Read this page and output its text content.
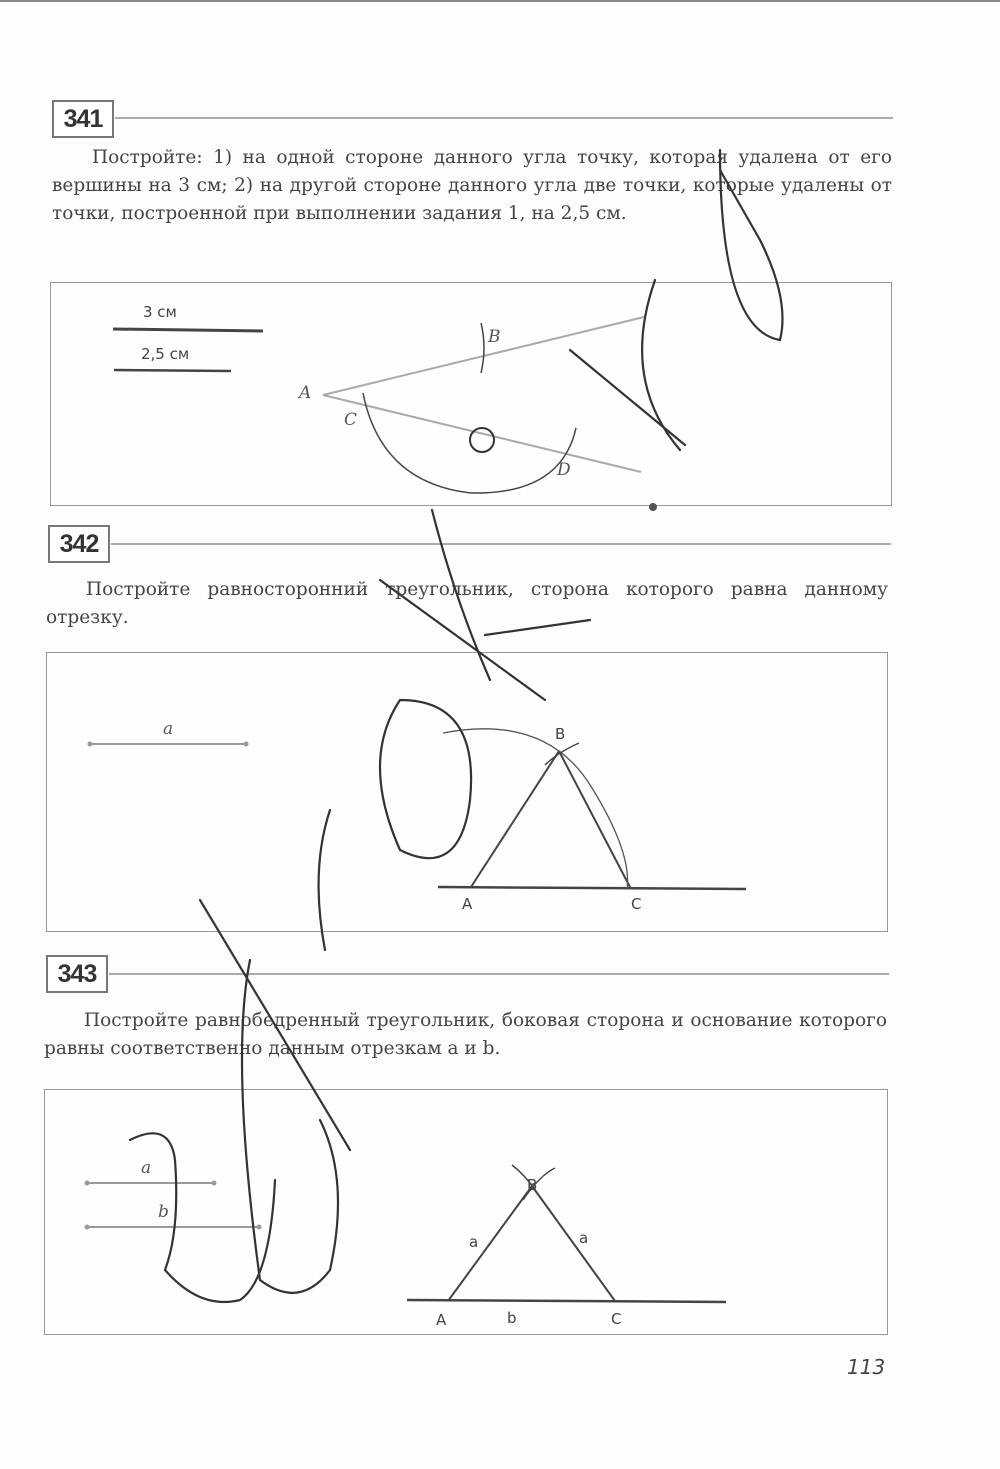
341

Постройте: 1) на одной стороне данного угла точку, которая удалена от его вершины на 3 см; 2) на другой стороне данного угла две точки, которые удалены от точки, построенной при выполнении задания 1, на 2,5 см.

3 см
2,5 см
A
B
C
D
342

Постройте равносторонний треугольник, сторона которого равна данному отрезку.

a
A
B
C
343

Постройте равнобедренный треугольник, боковая сторона и основание которого равны соответственно данным отрезкам a и b.

a
b
A
B
C
a	a
b
113
